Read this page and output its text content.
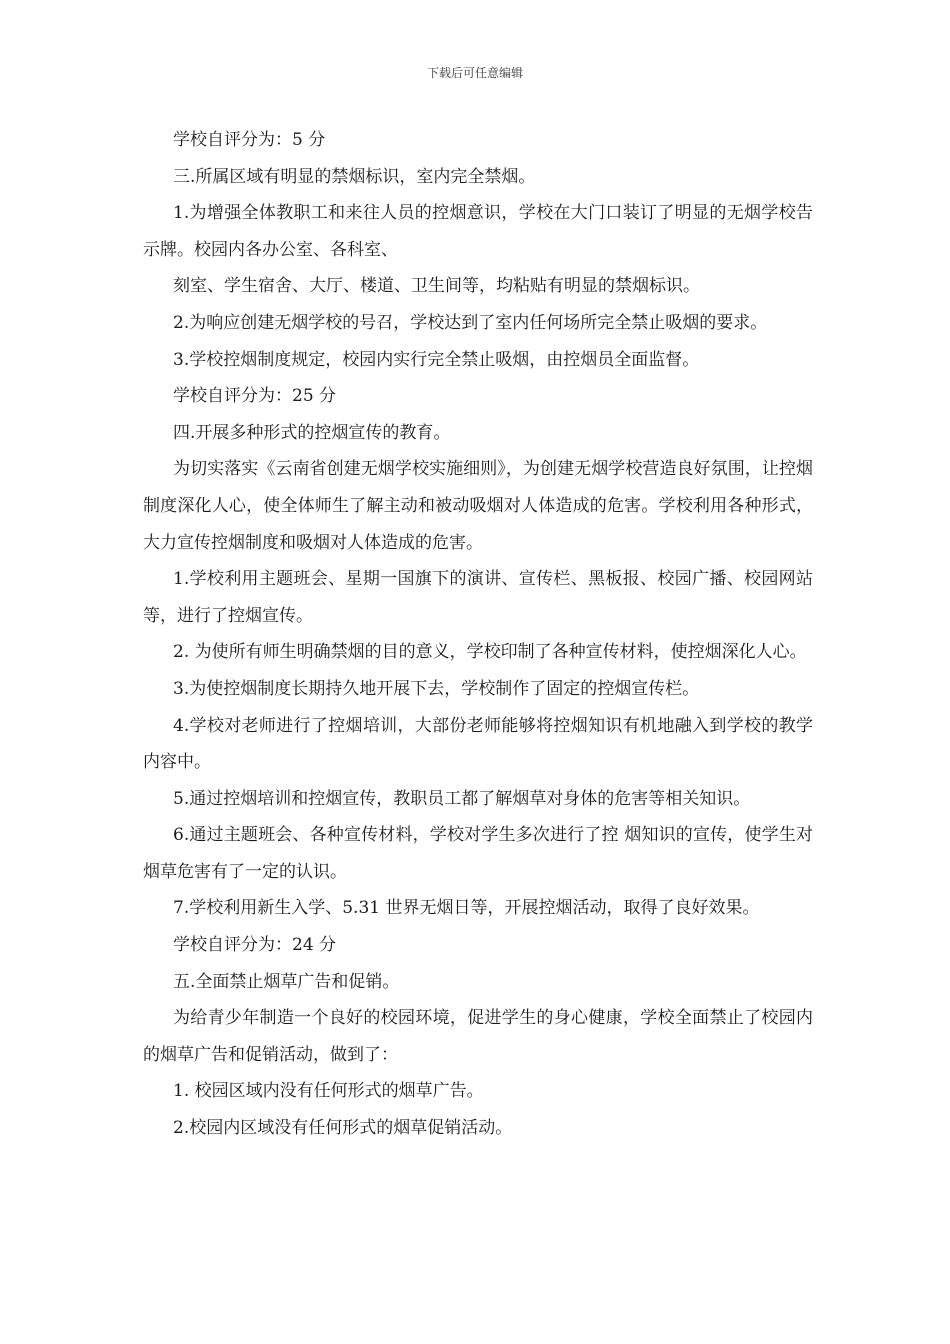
下载后可任意编辑

学校自评分为：5 分

三.所属区域有明显的禁烟标识，室内完全禁烟。

1.为增强全体教职工和来往人员的控烟意识，学校在大门口装订了明显的无烟学校告示牌。校园内各办公室、各科室、

刻室、学生宿舍、大厅、楼道、卫生间等，均粘贴有明显的禁烟标识。

2.为响应创建无烟学校的号召，学校达到了室内任何场所完全禁止吸烟的要求。

3.学校控烟制度规定，校园内实行完全禁止吸烟，由控烟员全面监督。

学校自评分为：25 分

四.开展多种形式的控烟宣传的教育。

为切实落实《云南省创建无烟学校实施细则》，为创建无烟学校营造良好氛围，让控烟制度深化人心，使全体师生了解主动和被动吸烟对人体造成的危害。学校利用各种形式，大力宣传控烟制度和吸烟对人体造成的危害。

1.学校利用主题班会、星期一国旗下的演讲、宣传栏、黑板报、校园广播、校园网站等，进行了控烟宣传。

2. 为使所有师生明确禁烟的目的意义，学校印制了各种宣传材料，使控烟深化人心。

3.为使控烟制度长期持久地开展下去，学校制作了固定的控烟宣传栏。

4.学校对老师进行了控烟培训，大部份老师能够将控烟知识有机地融入到学校的教学内容中。

5.通过控烟培训和控烟宣传，教职员工都了解烟草对身体的危害等相关知识。

6.通过主题班会、各种宣传材料，学校对学生多次进行了控 烟知识的宣传，使学生对烟草危害有了一定的认识。

7.学校利用新生入学、5.31 世界无烟日等，开展控烟活动，取得了良好效果。

学校自评分为：24 分

五.全面禁止烟草广告和促销。

为给青少年制造一个良好的校园环境，促进学生的身心健康，学校全面禁止了校园内的烟草广告和促销活动，做到了：

1. 校园区域内没有任何形式的烟草广告。

2.校园内区域没有任何形式的烟草促销活动。
